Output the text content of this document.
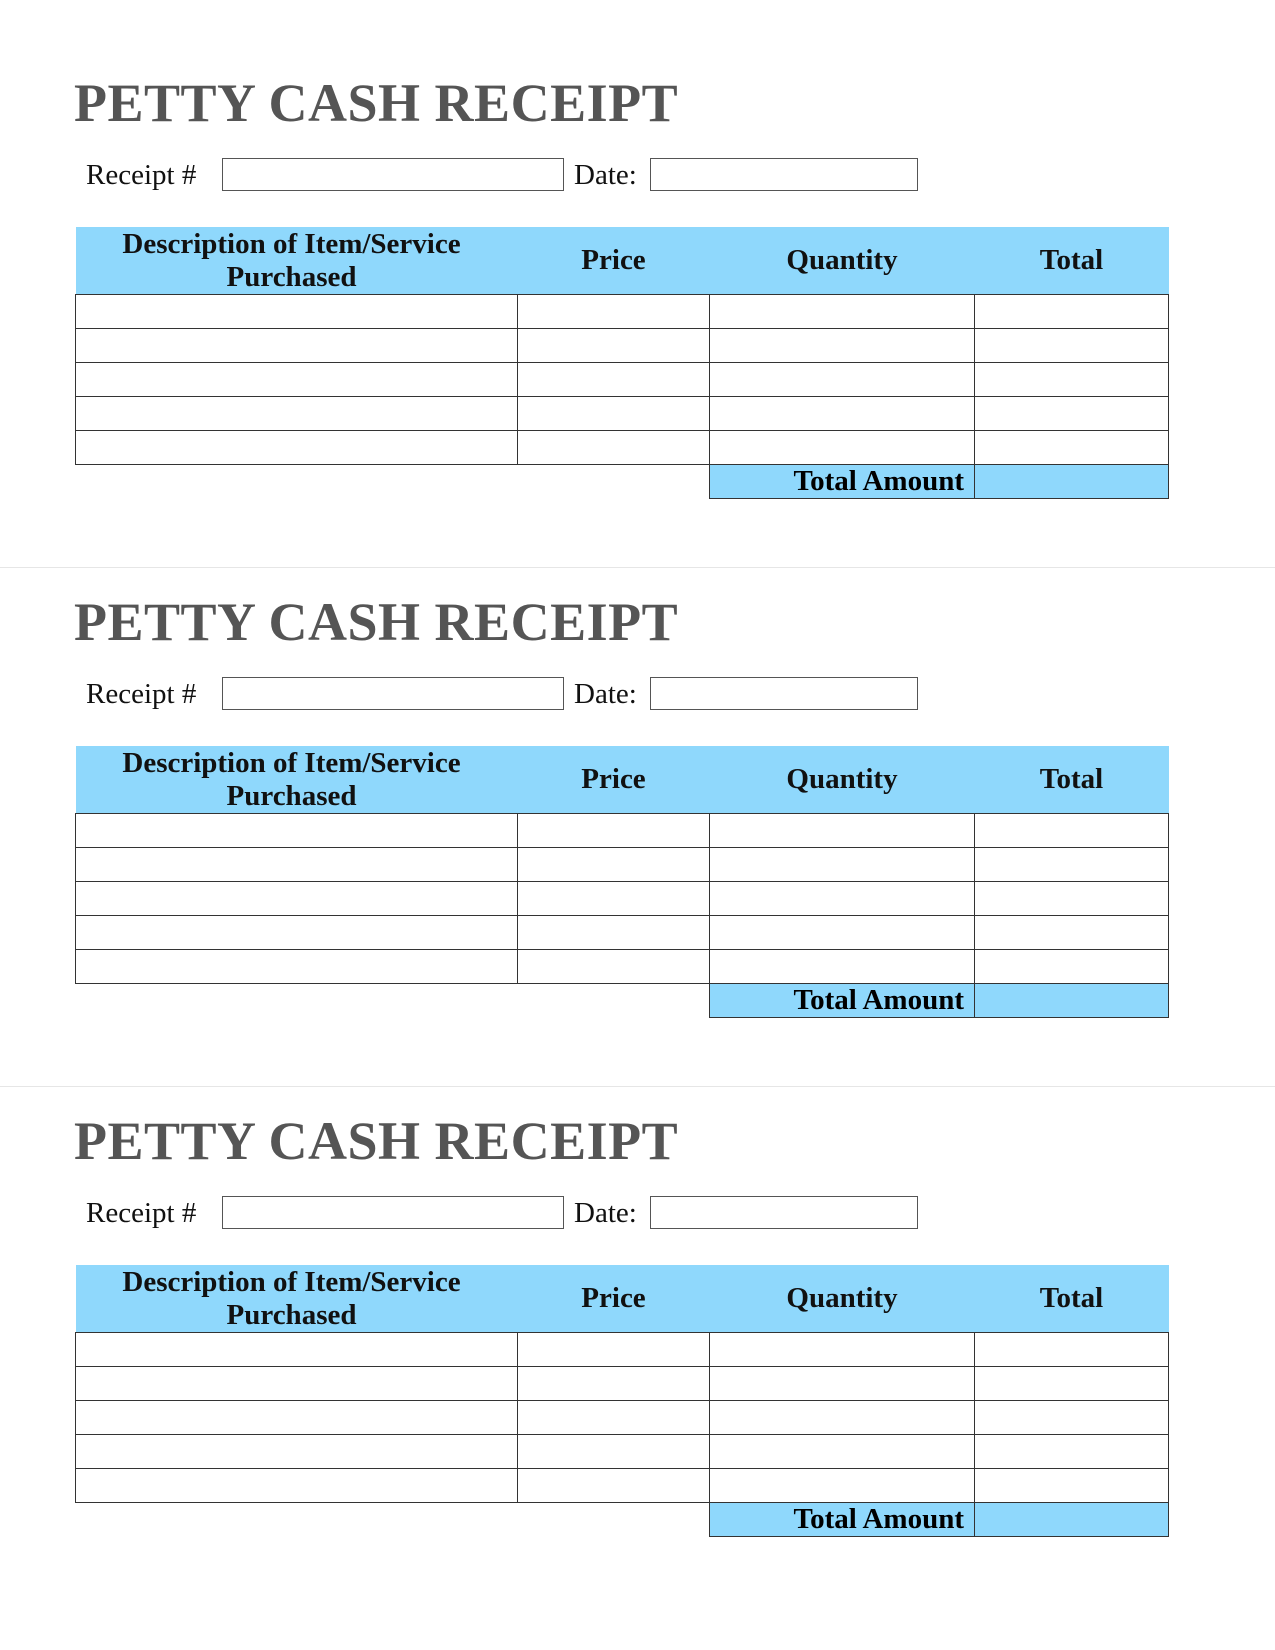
PETTY CASH RECEIPT
Receipt #	Date:
Description of Item/Service Purchased	Price	Quantity	Total

		Total Amount	
PETTY CASH RECEIPT
Receipt #	Date:
Description of Item/Service Purchased	Price	Quantity	Total

		Total Amount	
PETTY CASH RECEIPT
Receipt #	Date:
Description of Item/Service Purchased	Price	Quantity	Total

		Total Amount	
